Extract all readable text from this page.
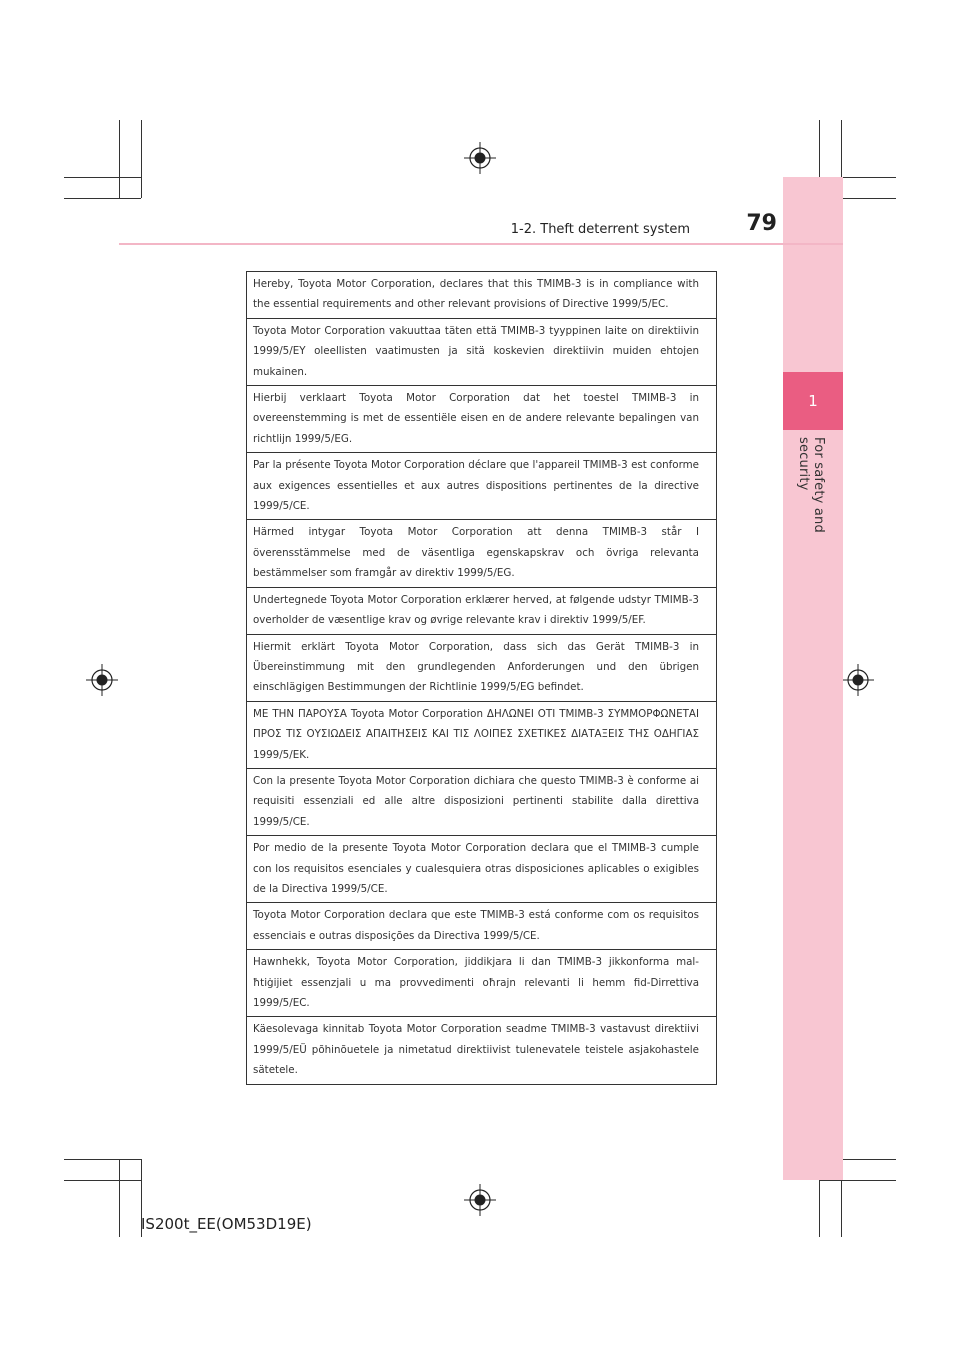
1
For safety and security
1-2. Theft deterrent system	79
Hereby, Toyota Motor Corporation, declares that this TMIMB-3 is in compliance with the essential requirements and other relevant provisions of Directive 1999/5/EC.
Toyota Motor Corporation vakuuttaa täten että TMIMB-3 tyyppinen laite on direktiivin 1999/5/EY oleellisten vaatimusten ja sitä koskevien direktiivin muiden ehtojen mukainen.
Hierbij verklaart Toyota Motor Corporation dat het toestel TMIMB-3 in overeenstemming is met de essentiële eisen en de andere relevante bepalingen van richtlijn 1999/5/EG.
Par la présente Toyota Motor Corporation déclare que l'appareil TMIMB-3 est conforme aux exigences essentielles et aux autres dispositions pertinentes de la directive 1999/5/CE.
Härmed intygar Toyota Motor Corporation att denna TMIMB-3 står I överensstämmelse med de väsentliga egenskapskrav och övriga relevanta bestämmelser som framgår av direktiv 1999/5/EG.
Undertegnede Toyota Motor Corporation erklærer herved, at følgende udstyr TMIMB-3 overholder de væsentlige krav og øvrige relevante krav i direktiv 1999/5/EF.
Hiermit erklärt Toyota Motor Corporation, dass sich das Gerät TMIMB-3 in Übereinstimmung mit den grundlegenden Anforderungen und den übrigen einschlägigen Bestimmungen der Richtlinie 1999/5/EG befindet.
ΜΕ ΤΗΝ ΠΑΡΟΥΣΑ Toyota Motor Corporation ΔΗΛΩΝΕΙ ΟΤΙ TMIMB-3 ΣΥΜΜΟΡΦΩΝΕΤΑΙ ΠΡΟΣ ΤΙΣ ΟΥΣΙΩΔΕΙΣ ΑΠΑΙΤΗΣΕΙΣ ΚΑΙ ΤΙΣ ΛΟΙΠΕΣ ΣΧΕΤΙΚΕΣ ΔΙΑΤΑΞΕΙΣ ΤΗΣ ΟΔΗΓΙΑΣ 1999/5/ΕΚ.
Con la presente Toyota Motor Corporation dichiara che questo TMIMB-3 è conforme ai requisiti essenziali ed alle altre disposizioni pertinenti stabilite dalla direttiva 1999/5/CE.
Por medio de la presente Toyota Motor Corporation declara que el TMIMB-3 cumple con los requisitos esenciales y cualesquiera otras disposiciones aplicables o exigibles de la Directiva 1999/5/CE.
Toyota Motor Corporation declara que este TMIMB-3 está conforme com os requisitos essenciais e outras disposições da Directiva 1999/5/CE.
Hawnhekk, Toyota Motor Corporation, jiddikjara li dan TMIMB-3 jikkonforma mal-ħtiġijiet essenzjali u ma provvedimenti oħrajn relevanti li hemm fid-Dirrettiva 1999/5/EC.
Käesolevaga kinnitab Toyota Motor Corporation seadme TMIMB-3 vastavust direktiivi 1999/5/EÜ põhinõuetele ja nimetatud direktiivist tulenevatele teistele asjakohastele sätetele.
IS200t_EE(OM53D19E)
